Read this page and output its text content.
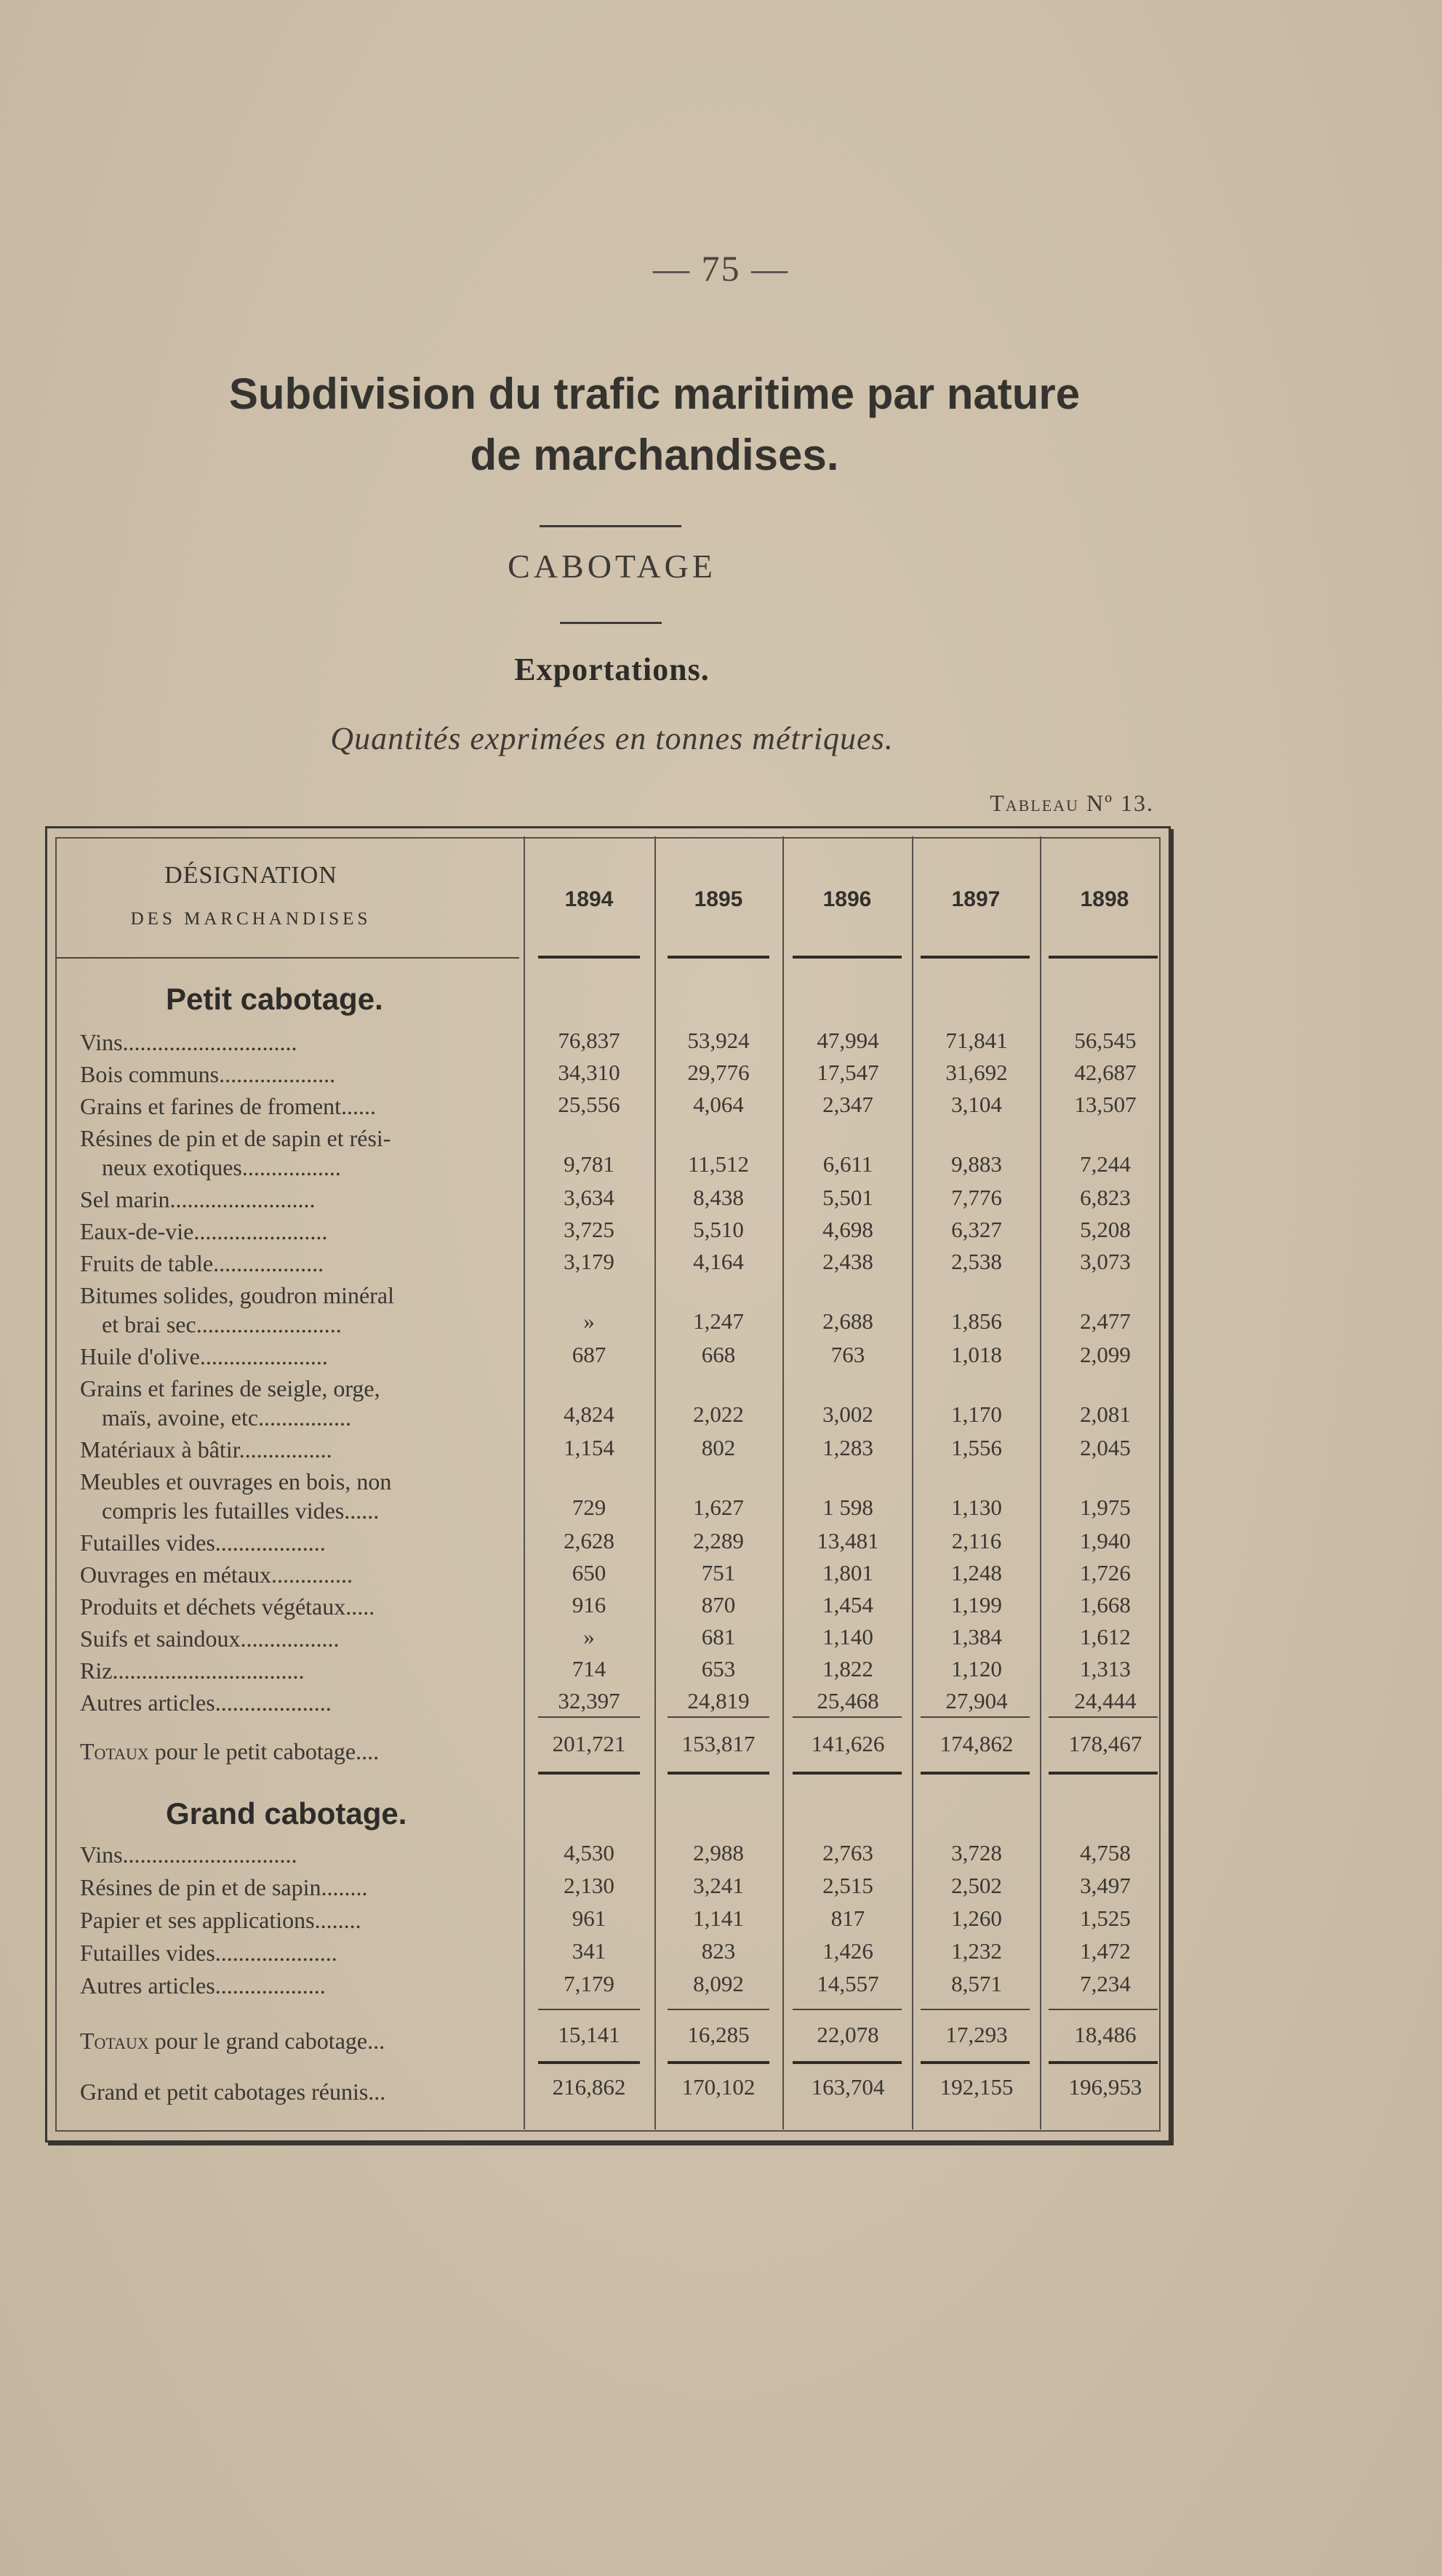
— 75 —
Subdivision du trafic maritime par nature
de marchandises.
CABOTAGE
Exportations.
Quantités exprimées en tonnes métriques.
Tableau Nº 13.
DÉSIGNATION
DES MARCHANDISES
1894	1895	1896	1897	1898
Petit cabotage.
Vins..............................	76,837	53,924	47,994	71,841	56,545
Bois communs....................	34,310	29,776	17,547	31,692	42,687
Grains et farines de froment......	25,556	4,064	2,347	3,104	13,507
Résines de pin et de sapin et rési-
neux exotiques.................	9,781	11,512	6,611	9,883	7,244
Sel marin.........................	3,634	8,438	5,501	7,776	6,823
Eaux-de-vie.......................	3,725	5,510	4,698	6,327	5,208
Fruits de table...................	3,179	4,164	2,438	2,538	3,073
Bitumes solides, goudron minéral
et brai sec.........................	»	1,247	2,688	1,856	2,477
Huile d'olive......................	687	668	763	1,018	2,099
Grains et farines de seigle, orge,
maïs, avoine, etc................	4,824	2,022	3,002	1,170	2,081
Matériaux à bâtir................	1,154	802	1,283	1,556	2,045
Meubles et ouvrages en bois, non
compris les futailles vides......	729	1,627	1 598	1,130	1,975
Futailles vides...................	2,628	2,289	13,481	2,116	1,940
Ouvrages en métaux..............	650	751	1,801	1,248	1,726
Produits et déchets végétaux.....	916	870	1,454	1,199	1,668
Suifs et saindoux.................	»	681	1,140	1,384	1,612
Riz.................................	714	653	1,822	1,120	1,313
Autres articles....................	32,397	24,819	25,468	27,904	24,444
Totaux pour le petit cabotage....	201,721	153,817	141,626	174,862	178,467
Grand cabotage.
Vins..............................	4,530	2,988	2,763	3,728	4,758
Résines de pin et de sapin........	2,130	3,241	2,515	2,502	3,497
Papier et ses applications........	961	1,141	817	1,260	1,525
Futailles vides.....................	341	823	1,426	1,232	1,472
Autres articles...................	7,179	8,092	14,557	8,571	7,234
Totaux pour le grand cabotage...	15,141	16,285	22,078	17,293	18,486
Grand et petit cabotages réunis...	216,862	170,102	163,704	192,155	196,953
